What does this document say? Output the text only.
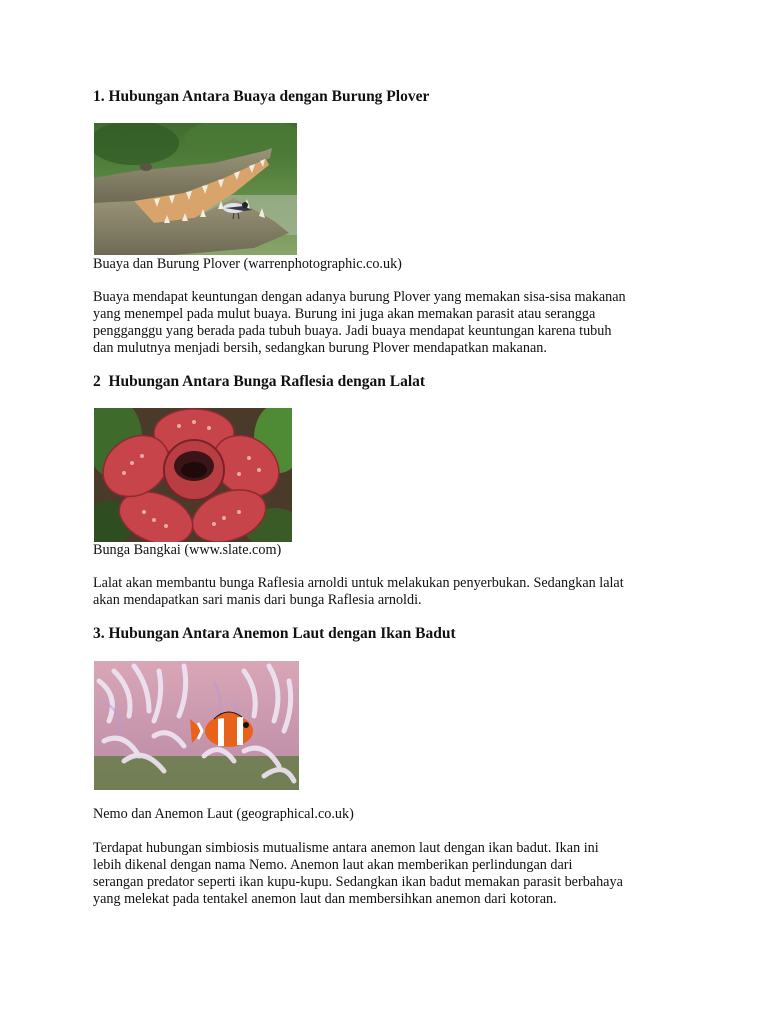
1. Hubungan Antara Buaya dengan Burung Plover

Buaya dan Burung Plover (warrenphotographic.co.uk)

Buaya mendapat keuntungan dengan adanya burung Plover yang memakan sisa-sisa makanan
yang menempel pada mulut buaya. Burung ini juga akan memakan parasit atau serangga
pengganggu yang berada pada tubuh buaya. Jadi buaya mendapat keuntungan karena tubuh
dan mulutnya menjadi bersih, sedangkan burung Plover mendapatkan makanan.
2  Hubungan Antara Bunga Raflesia dengan Lalat

Bunga Bangkai (www.slate.com)

Lalat akan membantu bunga Raflesia arnoldi untuk melakukan penyerbukan. Sedangkan lalat
akan mendapatkan sari manis dari bunga Raflesia arnoldi.
3. Hubungan Antara Anemon Laut dengan Ikan Badut

Nemo dan Anemon Laut (geographical.co.uk)

Terdapat hubungan simbiosis mutualisme antara anemon laut dengan ikan badut. Ikan ini
lebih dikenal dengan nama Nemo. Anemon laut akan memberikan perlindungan dari
serangan predator seperti ikan kupu-kupu. Sedangkan ikan badut memakan parasit berbahaya
yang melekat pada tentakel anemon laut dan membersihkan anemon dari kotoran.
